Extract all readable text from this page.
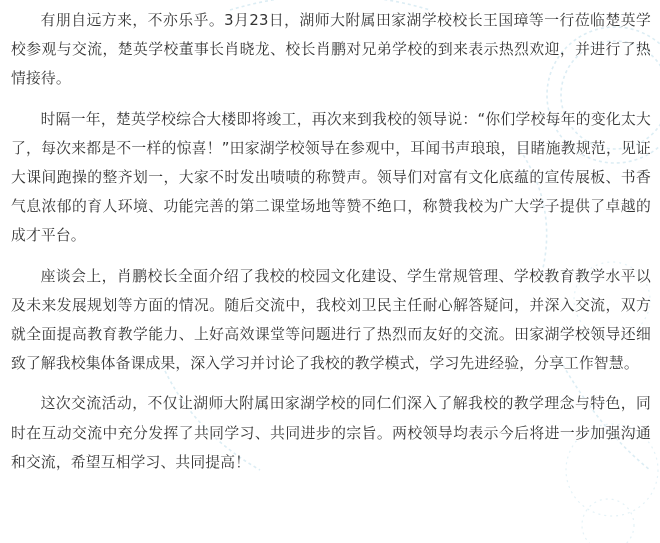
有朋自远方来，不亦乐乎。3月23日，湖师大附属田家湖学校校长王国璋等一行莅临楚英学校参观与交流，楚英学校董事长肖晓龙、校长肖鹏对兄弟学校的到来表示热烈欢迎，并进行了热情接待。

时隔一年，楚英学校综合大楼即将竣工，再次来到我校的领导说：“你们学校每年的变化太大了，每次来都是不一样的惊喜！”田家湖学校领导在参观中，耳闻书声琅琅，目睹施教规范，见证大课间跑操的整齐划一，大家不时发出啧啧的称赞声。领导们对富有文化底蕴的宣传展板、书香气息浓郁的育人环境、功能完善的第二课堂场地等赞不绝口，称赞我校为广大学子提供了卓越的成才平台。

座谈会上，肖鹏校长全面介绍了我校的校园文化建设、学生常规管理、学校教育教学水平以及未来发展规划等方面的情况。随后交流中，我校刘卫民主任耐心解答疑问，并深入交流，双方就全面提高教育教学能力、上好高效课堂等问题进行了热烈而友好的交流。田家湖学校领导还细致了解我校集体备课成果，深入学习并讨论了我校的教学模式，学习先进经验，分享工作智慧。

这次交流活动，不仅让湖师大附属田家湖学校的同仁们深入了解我校的教学理念与特色，同时在互动交流中充分发挥了共同学习、共同进步的宗旨。两校领导均表示今后将进一步加强沟通和交流，希望互相学习、共同提高！
